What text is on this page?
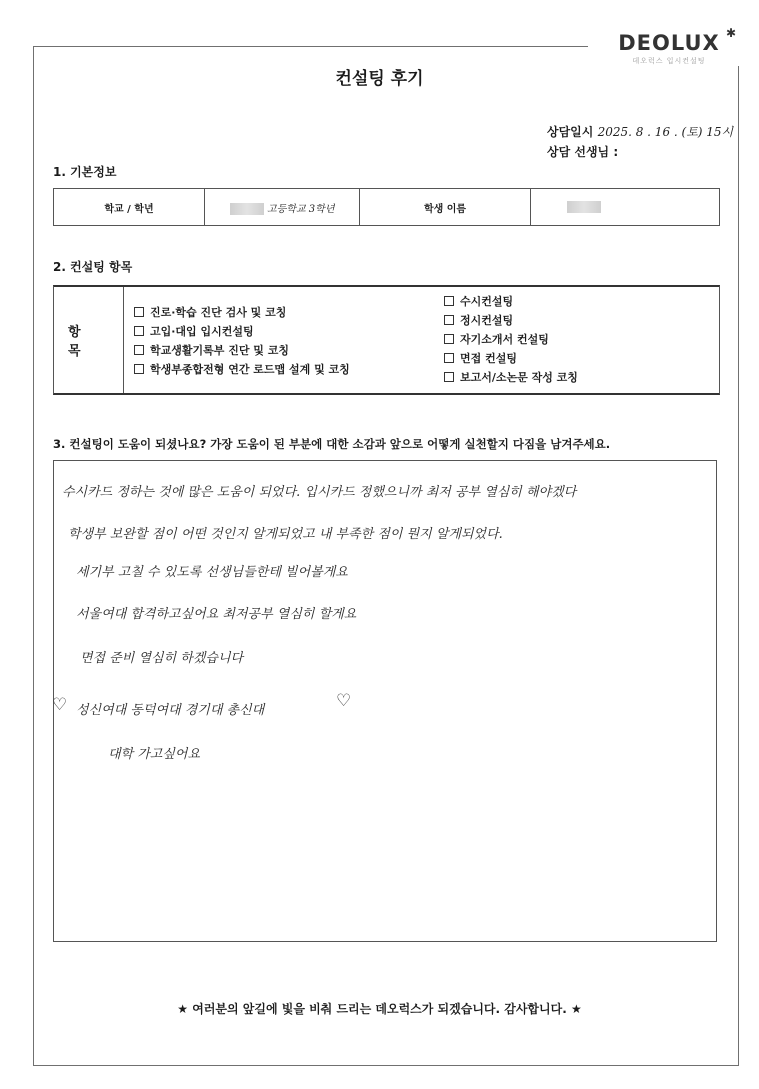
DEOLUX ✱
데오럭스 입시컨설팅
컨설팅 후기
상담일시 2025. 8 . 16 . (토) 15시
상담 선생님 :
1. 기본정보
학교 / 학년	고등학교 3학년	학생 이름	
2. 컨설팅 항목
항 목
진로·학습 진단 검사 및 코칭
고입·대입 입시컨설팅
학교생활기록부 진단 및 코칭
학생부종합전형 연간 로드맵 설계 및 코칭
수시컨설팅
정시컨설팅
자기소개서 컨설팅
면접 컨설팅
보고서/소논문 작성 코칭
3. 컨설팅이 도움이 되셨나요? 가장 도움이 된 부분에 대한 소감과 앞으로 어떻게 실천할지 다짐을 남겨주세요.
수시카드 정하는 것에 많은 도움이 되었다. 입시카드 정했으니까 최저 공부 열심히 해야겠다
학생부 보완할 점이 어떤 것인지 알게되었고 내 부족한 점이 뭔지 알게되었다.
세기부 고칠 수 있도록 선생님들한테 빌어볼게요
서울여대 합격하고싶어요 최저공부 열심히 할게요
면접 준비 열심히 하겠습니다
♡ 성신여대 동덕여대 경기대 총신대	♡
대학 가고싶어요
★ 여러분의 앞길에 빛을 비춰 드리는 데오럭스가 되겠습니다. 감사합니다. ★
